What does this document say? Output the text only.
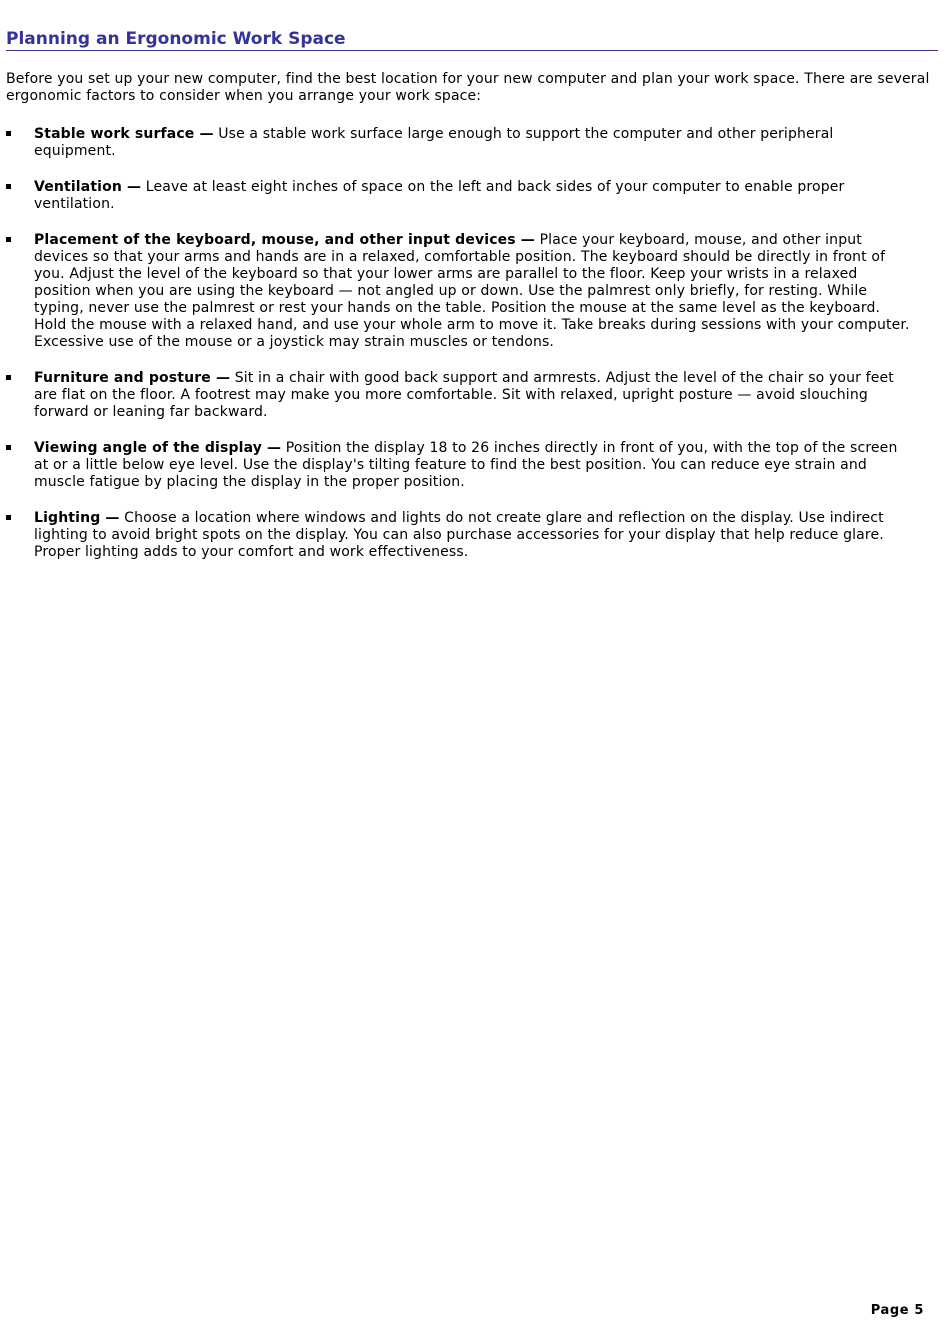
Planning an Ergonomic Work Space

Before you set up your new computer, find the best location for your new computer and plan your work space. There are several ergonomic factors to consider when you arrange your work space:

Stable work surface — Use a stable work surface large enough to support the computer and other peripheral equipment.
Ventilation — Leave at least eight inches of space on the left and back sides of your computer to enable proper ventilation.
Placement of the keyboard, mouse, and other input devices — Place your keyboard, mouse, and other input devices so that your arms and hands are in a relaxed, comfortable position. The keyboard should be directly in front of you. Adjust the level of the keyboard so that your lower arms are parallel to the floor. Keep your wrists in a relaxed position when you are using the keyboard — not angled up or down. Use the palmrest only briefly, for resting. While typing, never use the palmrest or rest your hands on the table. Position the mouse at the same level as the keyboard. Hold the mouse with a relaxed hand, and use your whole arm to move it. Take breaks during sessions with your computer. Excessive use of the mouse or a joystick may strain muscles or tendons.
Furniture and posture — Sit in a chair with good back support and armrests. Adjust the level of the chair so your feet are flat on the floor. A footrest may make you more comfortable. Sit with relaxed, upright posture — avoid slouching forward or leaning far backward.
Viewing angle of the display — Position the display 18 to 26 inches directly in front of you, with the top of the screen at or a little below eye level. Use the display's tilting feature to find the best position. You can reduce eye strain and muscle fatigue by placing the display in the proper position.
Lighting — Choose a location where windows and lights do not create glare and reflection on the display. Use indirect lighting to avoid bright spots on the display. You can also purchase accessories for your display that help reduce glare. Proper lighting adds to your comfort and work effectiveness.
Page 5
